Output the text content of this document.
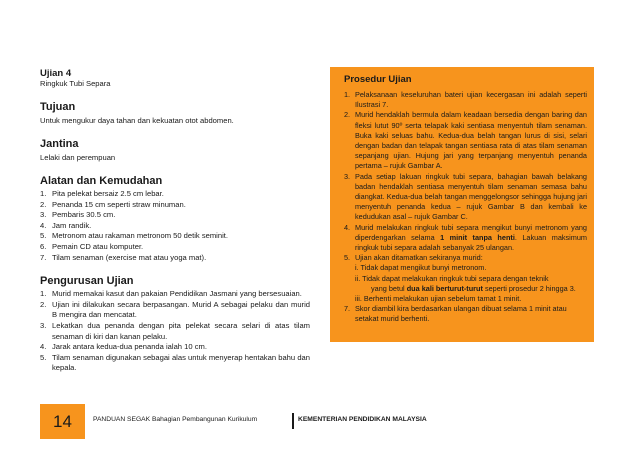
Ujian 4

Ringkuk Tubi Separa

Tujuan

Untuk mengukur daya tahan dan kekuatan otot abdomen.

Jantina

Lelaki dan perempuan

Alatan dan Kemudahan

1. Pita pelekat bersaiz 2.5 cm lebar.
2. Penanda 15 cm seperti straw minuman.
3. Pembaris 30.5 cm.
4. Jam randik.
5. Metronom atau rakaman metronom 50 detik seminit.
6. Pemain CD atau komputer.
7. Tilam senaman (exercise mat atau yoga mat).

Pengurusan Ujian

1. Murid memakai kasut dan pakaian Pendidikan Jasmani yang bersesuaian.
2. Ujian ini dilakukan secara berpasangan. Murid A sebagai pelaku dan murid B mengira dan mencatat.
3. Lekatkan dua penanda dengan pita pelekat secara selari di atas tilam senaman di kiri dan kanan pelaku.
4. Jarak antara kedua-dua penanda ialah 10 cm.
5. Tilam senaman digunakan sebagai alas untuk menyerap hentakan bahu dan kepala.

Prosedur Ujian

1. Pelaksanaan keseluruhan bateri ujian kecergasan ini adalah seperti Ilustrasi 7.
2. Murid hendaklah bermula dalam keadaan bersedia dengan baring dan fleksi lutut 90º serta telapak kaki sentiasa menyentuh tilam senaman. Buka kaki seluas bahu. Kedua-dua belah tangan lurus di sisi, selari dengan badan dan telapak tangan sentiasa rata di atas tilam senaman sepanjang ujian. Hujung jari yang terpanjang menyentuh penanda pertama – rujuk Gambar A.
3. Pada setiap lakuan ringkuk tubi separa, bahagian bawah belakang badan hendaklah sentiasa menyentuh tilam senaman semasa bahu diangkat. Kedua-dua belah tangan menggelongsor sehingga hujung jari menyentuh penanda kedua – rujuk Gambar B dan kembali ke kedudukan asal – rujuk Gambar C.
4. Murid melakukan ringkuk tubi separa mengikut bunyi metronom yang diperdengarkan selama 1 minit tanpa henti. Lakuan maksimum ringkuk tubi separa adalah sebanyak 25 ulangan.
5. Ujian akan ditamatkan sekiranya murid:

i. Tidak dapat mengikut bunyi metronom.

ii. Tidak dapat melakukan ringkuk tubi separa dengan teknik

yang betul dua kali berturut-turut seperti prosedur 2 hingga 3.

iii. Berhenti melakukan ujian sebelum tamat 1 minit.

7. Skor diambil kira berdasarkan ulangan dibuat selama 1 minit atau

setakat murid berhenti.

14	PANDUAN SEGAK Bahagian Pembangunan Kurikulum	KEMENTERIAN PENDIDIKAN MALAYSIA
